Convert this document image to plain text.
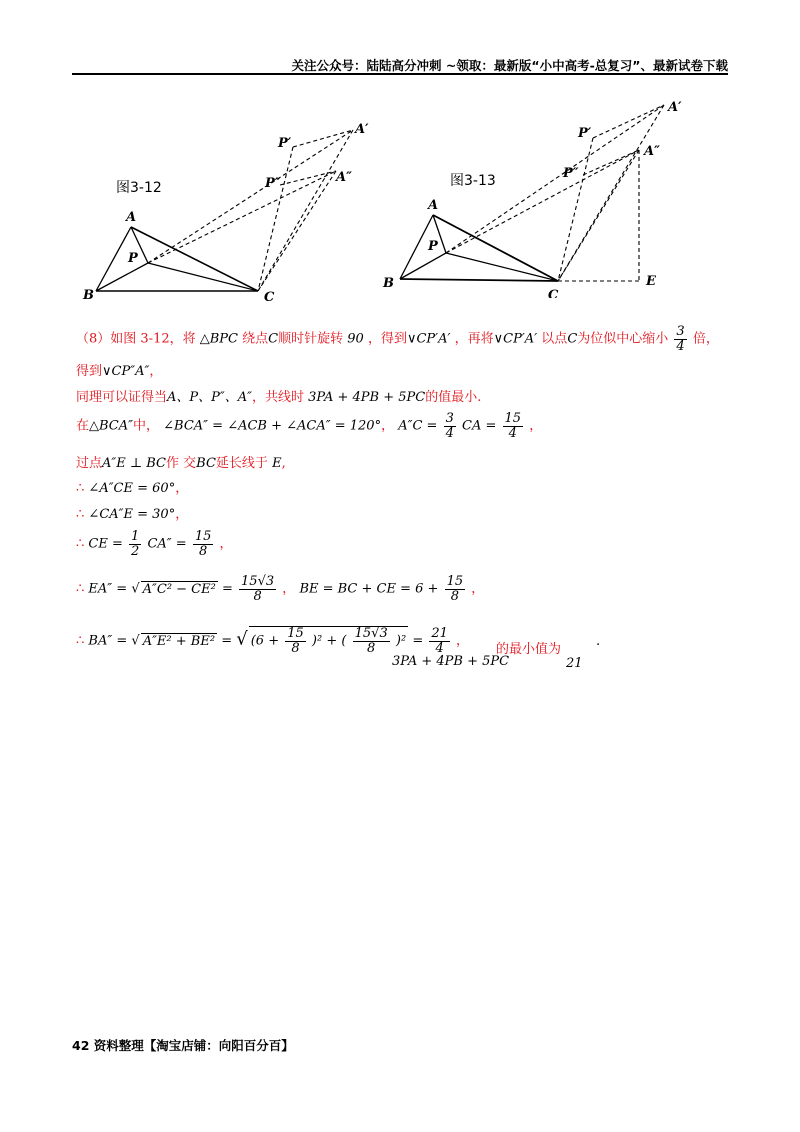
关注公众号：陆陆高分冲刺 ~领取：最新版“小中高考-总复习”、最新试卷下载
图3-12
A
B	C
P
P′
P″
A′
A″	图3-13
A
B
C
P
P′
P″
A′
A″
E
（8）如图 3-12，将 △BPC 绕点C顺时针旋转 90 ，得到∨CP′A′ ，再将∨CP′A′ 以点C为位似中心缩小 $\frac{3}{4}$ 倍，
得到∨CP″A″，
同理可以证得当A、P、P″、A″，共线时 3PA + 4PB + 5PC的值最小.
在△BCA″中， ∠BCA″ = ∠ACB + ∠ACA″ = 120°， $A''C = \frac{3}{4}$ CA = $\frac{15}{4}$ ，
过点A″E ⊥ BC作 交BC延长线于 E,
∴ ∠A″CE = 60°，
∴ ∠CA″E = 30°，
∴ CE = $\frac{1}{2} CA'' = \frac{15}{8}$ ，
∴ EA″ = √ $A''C^2 - CE^2 = \frac{15√3}{8}$ ， BE = BC + CE = $6 + \frac{15}{8}$ ，
∴ BA″ = √ A″E² + BE² = √ $(6 + \frac{15}{8} )^2$ + ( $\frac{15√3}{8} )^2 = \frac{21}{4}$ ，
3PA + 4PB + 5PC
的最小值为
21
.
42 资料整理【淘宝店铺：向阳百分百】
